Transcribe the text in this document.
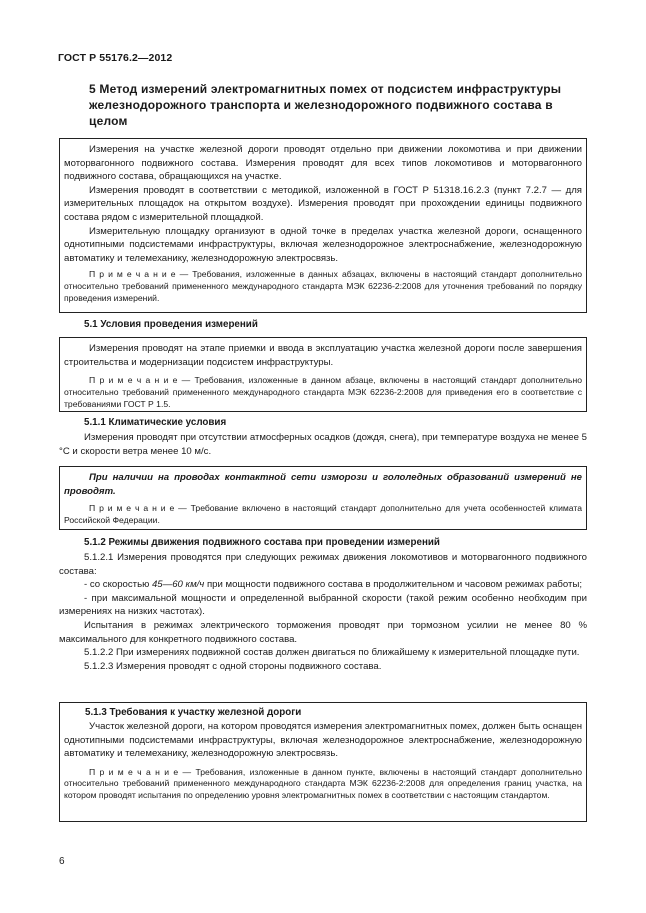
ГОСТ Р 55176.2—2012
5 Метод измерений электромагнитных помех от подсистем инфраструктуры железнодорожного транспорта и железнодорожного подвижного состава в целом

Измерения на участке железной дороги проводят отдельно при движении локомотива и при движении моторвагонного подвижного состава. Измерения проводят для всех типов локомотивов и моторвагонного подвижного состава, обращающихся на участке.

Измерения проводят в соответствии с методикой, изложенной в ГОСТ Р 51318.16.2.3 (пункт 7.2.7 — для измерительных площадок на открытом воздухе). Измерения проводят при прохождении единицы подвижного состава рядом с измерительной площадкой.

Измерительную площадку организуют в одной точке в пределах участка железной дороги, оснащенного однотипными подсистемами инфраструктуры, включая железнодорожное электроснабжение, железнодорожную автоматику и телемеханику, железнодорожную электросвязь.

П р и м е ч а н и е — Требования, изложенные в данных абзацах, включены в настоящий стандарт дополнительно относительно требований примененного международного стандарта МЭК 62236-2:2008 для уточнения требований по порядку проведения измерений.

5.1 Условия проведения измерений

Измерения проводят на этапе приемки и ввода в эксплуатацию участка железной дороги после завершения строительства и модернизации подсистем инфраструктуры.

П р и м е ч а н и е — Требования, изложенные в данном абзаце, включены в настоящий стандарт дополнительно относительно требований примененного международного стандарта МЭК 62236-2:2008 для приведения его в соответствие с требованиями ГОСТ Р 1.5.

5.1.1 Климатические условия

Измерения проводят при отсутствии атмосферных осадков (дождя, снега), при температуре воздуха не менее 5 °С и скорости ветра менее 10 м/с.

При наличии на проводах контактной сети изморози и гололедных образований измерений не проводят.

П р и м е ч а н и е — Требование включено в настоящий стандарт дополнительно для учета особенностей климата Российской Федерации.

5.1.2 Режимы движения подвижного состава при проведении измерений

5.1.2.1 Измерения проводятся при следующих режимах движения локомотивов и моторвагонного подвижного состава:

- со скоростью 45—60 км/ч при мощности подвижного состава в продолжительном и часовом режимах работы;

- при максимальной мощности и определенной выбранной скорости (такой режим особенно необходим при измерениях на низких частотах).

Испытания в режимах электрического торможения проводят при тормозном усилии не менее 80 % максимального для конкретного подвижного состава.

5.1.2.2 При измерениях подвижной состав должен двигаться по ближайшему к измерительной площадке пути.

5.1.2.3 Измерения проводят с одной стороны подвижного состава.

5.1.3 Требования к участку железной дороги

Участок железной дороги, на котором проводятся измерения электромагнитных помех, должен быть оснащен однотипными подсистемами инфраструктуры, включая железнодорожное электроснабжение, железнодорожную автоматику и телемеханику, железнодорожную электросвязь.

П р и м е ч а н и е — Требования, изложенные в данном пункте, включены в настоящий стандарт дополнительно относительно требований примененного международного стандарта МЭК 62236-2:2008 для определения границ участка, на котором проводят испытания по определению уровня электромагнитных помех в соответствии с настоящим стандартом.

6
